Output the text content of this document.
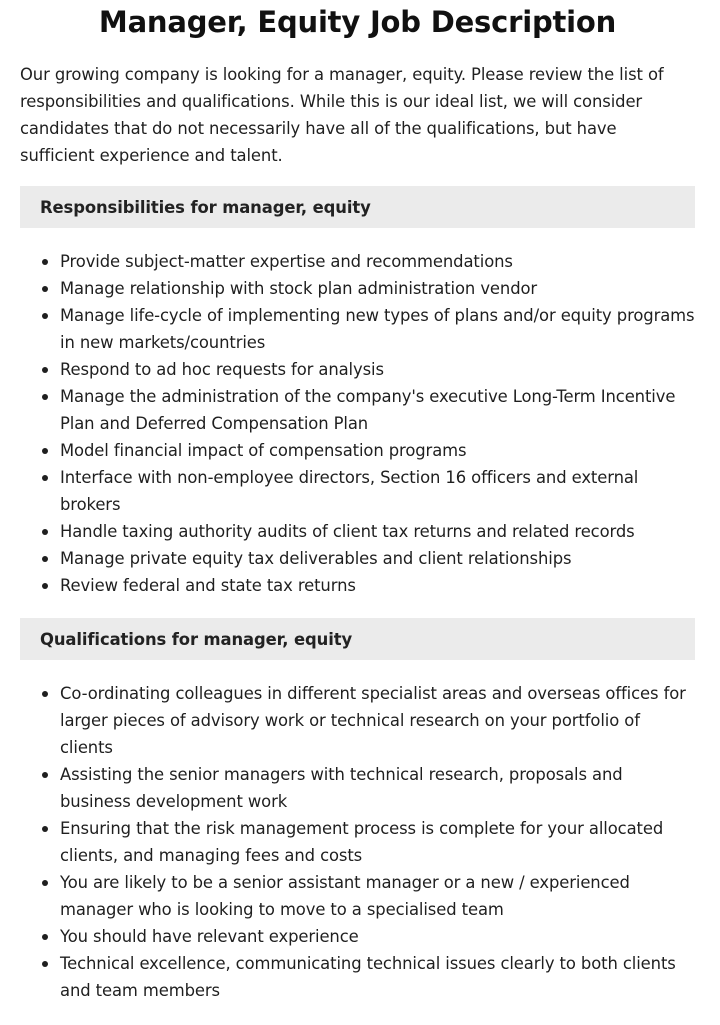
Manager, Equity Job Description

Our growing company is looking for a manager, equity. Please review the list of responsibilities and qualifications. While this is our ideal list, we will consider candidates that do not necessarily have all of the qualifications, but have sufficient experience and talent.

Responsibilities for manager, equity
Provide subject-matter expertise and recommendations
Manage relationship with stock plan administration vendor
Manage life-cycle of implementing new types of plans and/or equity programs in new markets/countries
Respond to ad hoc requests for analysis
Manage the administration of the company's executive Long-Term Incentive Plan and Deferred Compensation Plan
Model financial impact of compensation programs
Interface with non-employee directors, Section 16 officers and external brokers
Handle taxing authority audits of client tax returns and related records
Manage private equity tax deliverables and client relationships
Review federal and state tax returns
Qualifications for manager, equity
Co-ordinating colleagues in different specialist areas and overseas offices for larger pieces of advisory work or technical research on your portfolio of clients
Assisting the senior managers with technical research, proposals and business development work
Ensuring that the risk management process is complete for your allocated clients, and managing fees and costs
You are likely to be a senior assistant manager or a new / experienced manager who is looking to move to a specialised team
You should have relevant experience
Technical excellence, communicating technical issues clearly to both clients and team members
